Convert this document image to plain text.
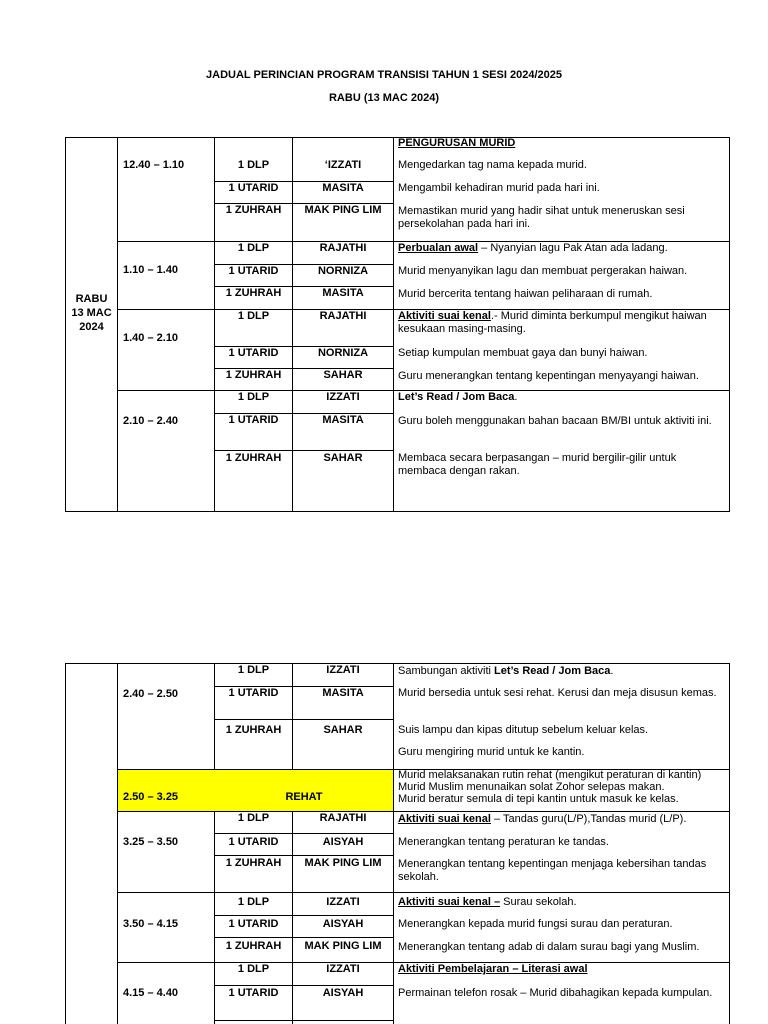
JADUAL PERINCIAN PROGRAM TRANSISI TAHUN 1 SESI 2024/2025
RABU (13 MAC 2024)
RABU
13 MAC
2024
PENGURUSAN MURID
12.40 – 1.10
1.10 – 1.40
1.40 – 2.10
2.10 – 2.40
1 DLP
1 UTARID
1 ZUHRAH
1 DLP
1 UTARID
1 ZUHRAH
1 DLP
1 UTARID
1 ZUHRAH
1 DLP
1 UTARID
1 ZUHRAH
‘IZZATI
MASITA
MAK PING LIM
RAJATHI
NORNIZA
MASITA
RAJATHI
NORNIZA
SAHAR
IZZATI
MASITA
SAHAR
Mengedarkan tag nama kepada murid.
Mengambil kehadiran murid pada hari ini.
Memastikan murid yang hadir sihat untuk meneruskan sesi persekolahan pada hari ini.
Perbualan awal – Nyanyian lagu Pak Atan ada ladang.
Murid menyanyikan lagu dan membuat pergerakan haiwan.
Murid bercerita tentang haiwan peliharaan di rumah.
Aktiviti suai kenal.- Murid diminta berkumpul mengikut haiwan kesukaan masing-masing.
Setiap kumpulan membuat gaya dan bunyi haiwan.
Guru menerangkan tentang kepentingan menyayangi haiwan.
Let’s Read / Jom Baca.
Guru boleh menggunakan bahan bacaan BM/BI untuk aktiviti ini.
Membaca secara berpasangan – murid bergilir-gilir untuk membaca dengan rakan.
2.40 – 2.50
2.50 – 3.25
3.25 – 3.50
3.50 – 4.15
4.15 – 4.40
REHAT
1 DLP
1 UTARID
1 ZUHRAH
1 DLP
1 UTARID
1 ZUHRAH
1 DLP
1 UTARID
1 ZUHRAH
1 DLP
1 UTARID
IZZATI
MASITA
SAHAR
RAJATHI
AISYAH
MAK PING LIM
IZZATI
AISYAH
MAK PING LIM
IZZATI
AISYAH
Sambungan aktiviti Let’s Read / Jom Baca.
Murid bersedia untuk sesi rehat. Kerusi dan meja disusun kemas.
Suis lampu dan kipas ditutup sebelum keluar kelas.
Guru mengiring murid untuk ke kantin.
Murid melaksanakan rutin rehat (mengikut peraturan di kantin)
Murid Muslim menunaikan solat Zohor selepas makan.
Murid beratur semula di tepi kantin untuk masuk ke kelas.
Aktiviti suai kenal – Tandas guru(L/P),Tandas murid (L/P).
Menerangkan tentang peraturan ke tandas.
Menerangkan tentang kepentingan menjaga kebersihan tandas sekolah.
Aktiviti suai kenal – Surau sekolah.
Menerangkan kepada murid fungsi surau dan peraturan.
Menerangkan tentang adab di dalam surau bagi yang Muslim.
Aktiviti Pembelajaran – Literasi awal
Permainan telefon rosak – Murid dibahagikan kepada kumpulan.
